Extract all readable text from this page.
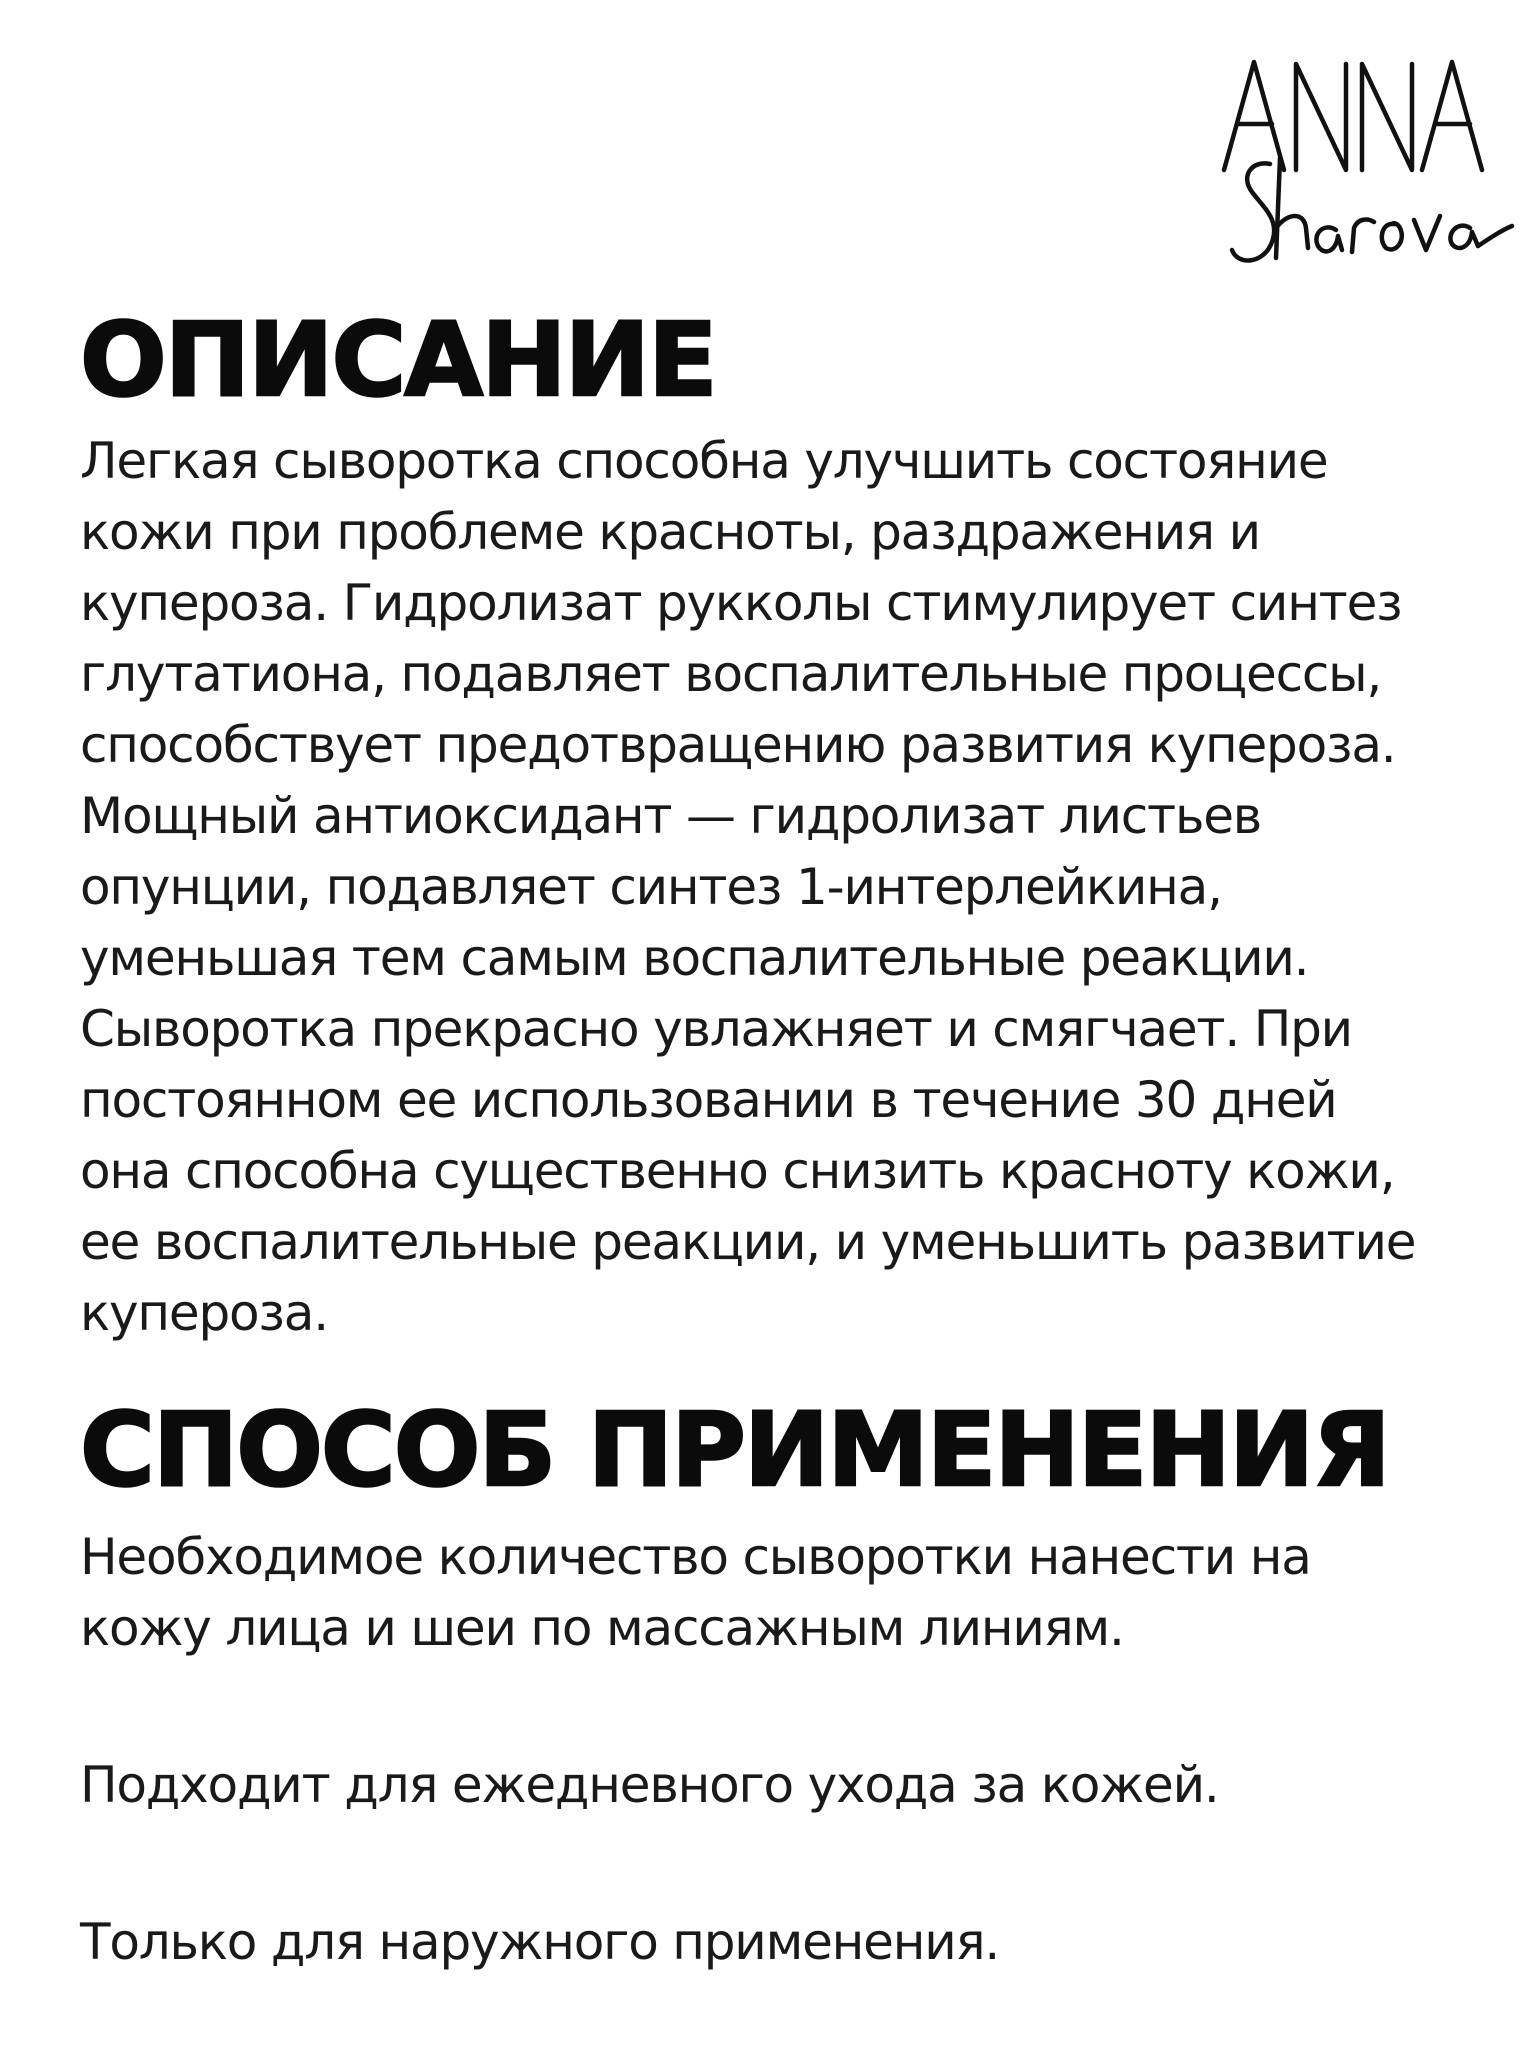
ОПИСАНИЕ
Легкая сыворотка способна улучшить состояние
кожи при проблеме красноты, раздражения и
купероза. Гидролизат рукколы стимулирует синтез
глутатиона, подавляет воспалительные процессы,
способствует предотвращению развития купероза.
Мощный антиоксидант — гидролизат листьев
опунции, подавляет синтез 1-интерлейкина,
уменьшая тем самым воспалительные реакции.
Сыворотка прекрасно увлажняет и смягчает. При
постоянном ее использовании в течение 30 дней
она способна существенно снизить красноту кожи,
ее воспалительные реакции, и уменьшить развитие
купероза.
СПОСОБ ПРИМЕНЕНИЯ
Необходимое количество сыворотки нанести на
кожу лица и шеи по массажным линиям.
Подходит для ежедневного ухода за кожей.
Только для наружного применения.
